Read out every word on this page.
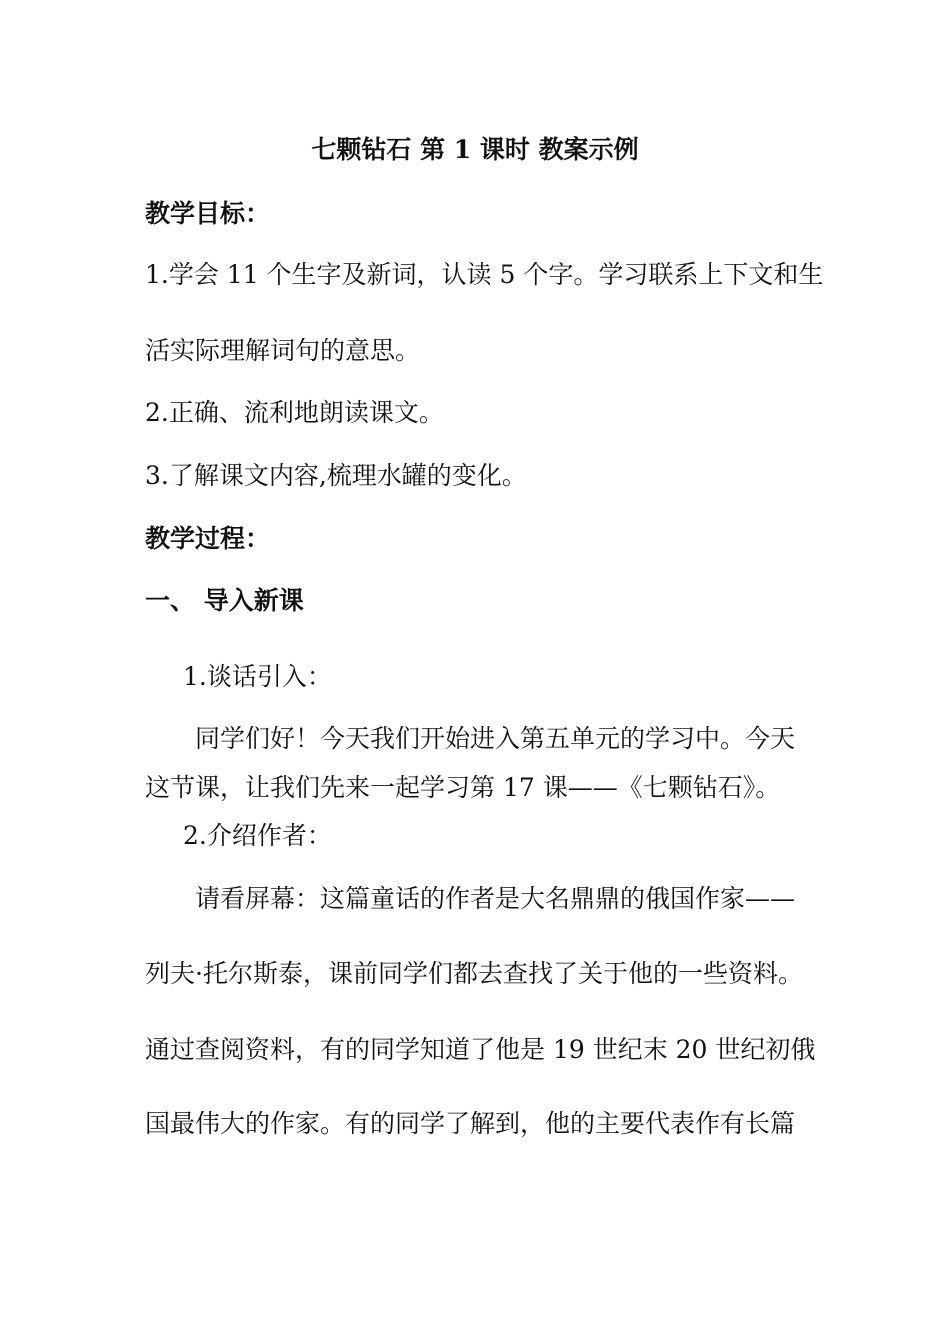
七颗钻石 第 1 课时 教案示例

教学目标：

1.学会 11 个生字及新词，认读 5 个字。学习联系上下文和生

活实际理解词句的意思。

2.正确、流利地朗读课文。

3.了解课文内容,梳理水罐的变化。

教学过程：

一、 导入新课

1.谈话引入：

同学们好！今天我们开始进入第五单元的学习中。今天

这节课，让我们先来一起学习第 17 课——《七颗钻石》。

2.介绍作者：

请看屏幕：这篇童话的作者是大名鼎鼎的俄国作家——

列夫·托尔斯泰，课前同学们都去查找了关于他的一些资料。

通过查阅资料，有的同学知道了他是 19 世纪末 20 世纪初俄

国最伟大的作家。有的同学了解到，他的主要代表作有长篇
